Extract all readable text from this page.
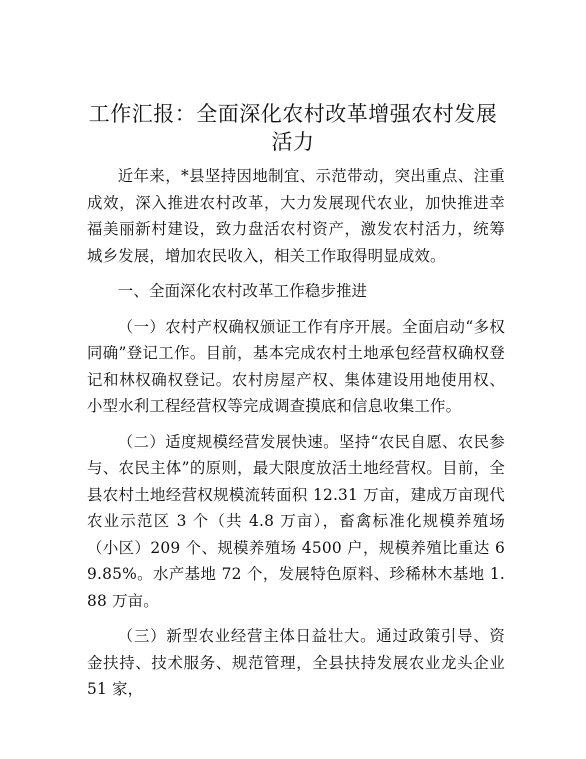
工作汇报：全面深化农村改革增强农村发展活力

近年来，*县坚持因地制宜、示范带动，突出重点、注重成效，深入推进农村改革，大力发展现代农业，加快推进幸福美丽新村建设，致力盘活农村资产，激发农村活力，统筹城乡发展，增加农民收入，相关工作取得明显成效。

一、全面深化农村改革工作稳步推进

（一）农村产权确权颁证工作有序开展。全面启动“多权同确”登记工作。目前，基本完成农村土地承包经营权确权登记和林权确权登记。农村房屋产权、集体建设用地使用权、小型水利工程经营权等完成调查摸底和信息收集工作。

（二）适度规模经营发展快速。坚持“农民自愿、农民参与、农民主体”的原则，最大限度放活土地经营权。目前，全县农村土地经营权规模流转面积 12.31 万亩，建成万亩现代农业示范区 3 个（共 4.8 万亩），畜禽标准化规模养殖场（小区）209 个、规模养殖场 4500 户，规模养殖比重达 69.85%。水产基地 72 个，发展特色原料、珍稀林木基地 1.88 万亩。

（三）新型农业经营主体日益壮大。通过政策引导、资金扶持、技术服务、规范管理，全县扶持发展农业龙头企业 51 家，
